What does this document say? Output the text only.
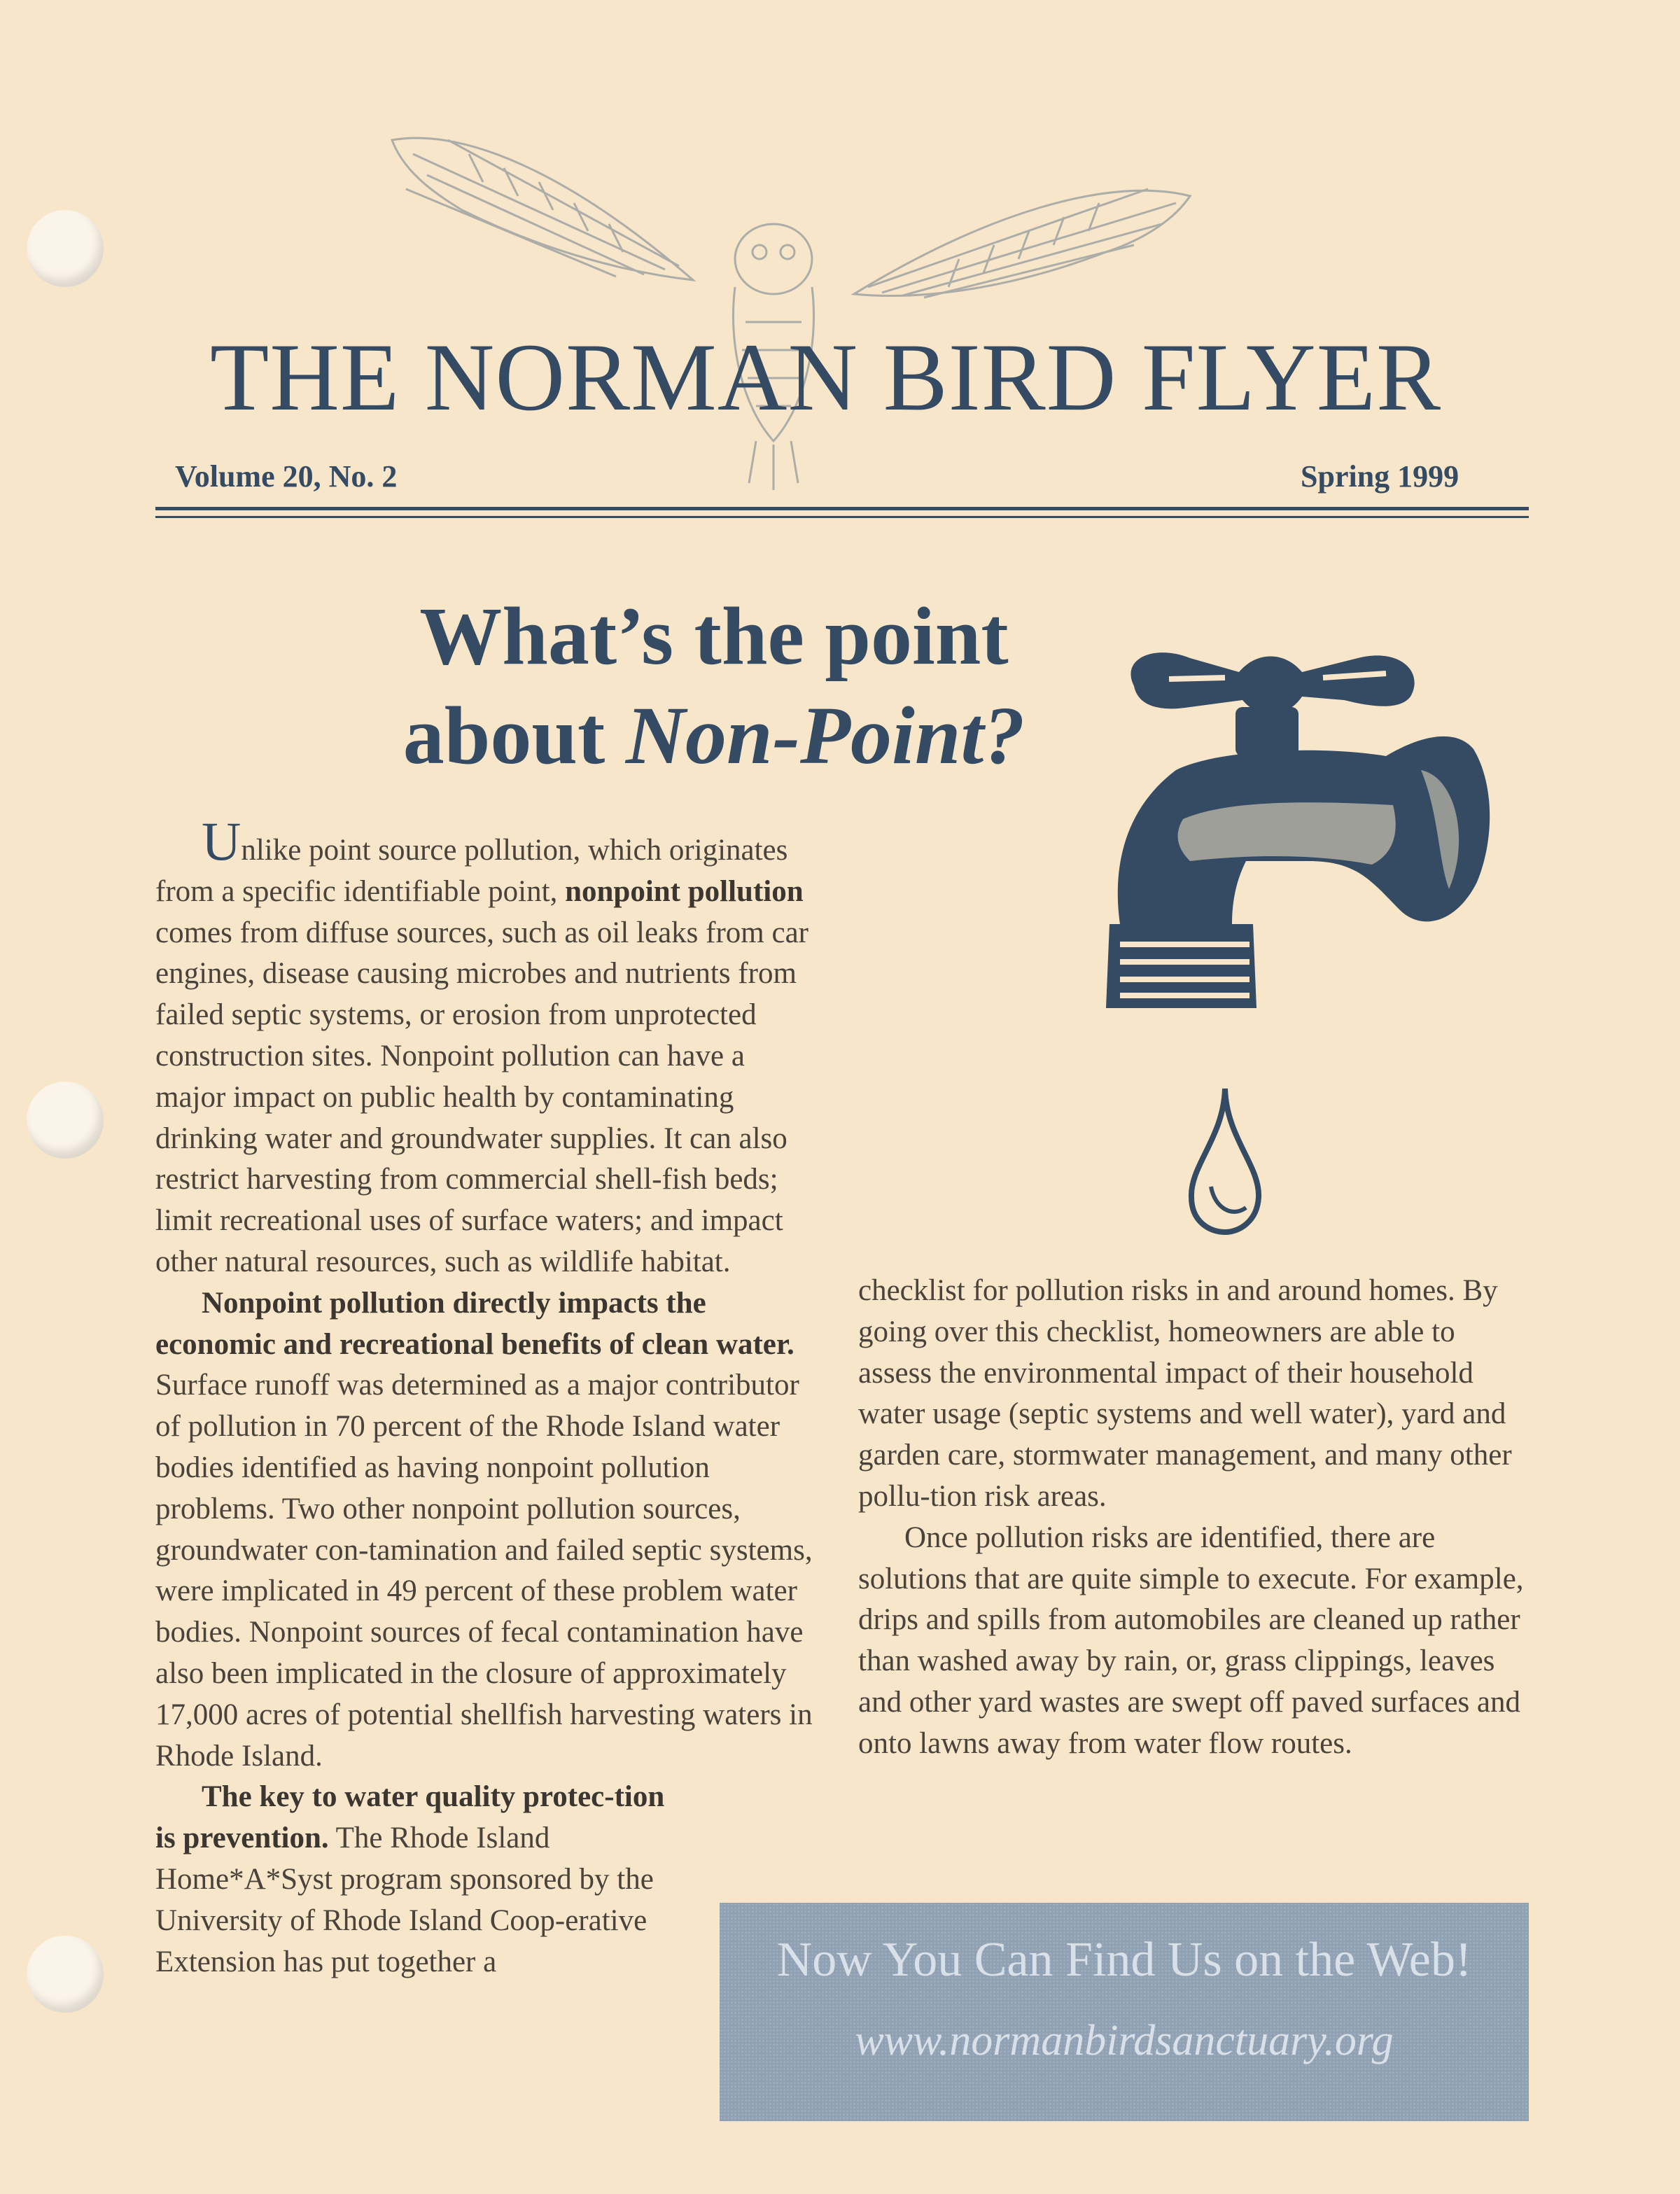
THE NORMAN BIRD FLYER
Volume 20, No. 2	Spring 1999
What’s the point
about Non-Point?

Unlike point source pollution, which originates from a specific identifiable point, nonpoint pollution comes from diffuse sources, such as oil leaks from car engines, disease causing microbes and nutrients from failed septic systems, or erosion from unprotected construction sites. Nonpoint pollution can have a major impact on public health by contaminating drinking water and groundwater supplies. It can also restrict harvesting from commercial shell-fish beds; limit recreational uses of surface waters; and impact other natural resources, such as wildlife habitat.

Nonpoint pollution directly impacts the economic and recreational benefits of clean water. Surface runoff was determined as a major contributor of pollution in 70 percent of the Rhode Island water bodies identified as having nonpoint pollution problems. Two other nonpoint pollution sources, groundwater con-tamination and failed septic systems, were implicated in 49 percent of these problem water bodies. Nonpoint sources of fecal contamination have also been implicated in the closure of approximately 17,000 acres of potential shellfish harvesting waters in Rhode Island.

The key to water quality protec-tion is prevention. The Rhode Island Home*A*Syst program sponsored by the University of Rhode Island Coop-erative Extension has put together a

checklist for pollution risks in and around homes. By going over this checklist, homeowners are able to assess the environmental impact of their household water usage (septic systems and well water), yard and garden care, stormwater management, and many other pollu-tion risk areas.

Once pollution risks are identified, there are solutions that are quite simple to execute. For example, drips and spills from automobiles are cleaned up rather than washed away by rain, or, grass clippings, leaves and other yard wastes are swept off paved surfaces and onto lawns away from water flow routes.

Now You Can Find Us on the Web!
www.normanbirdsanctuary.org
